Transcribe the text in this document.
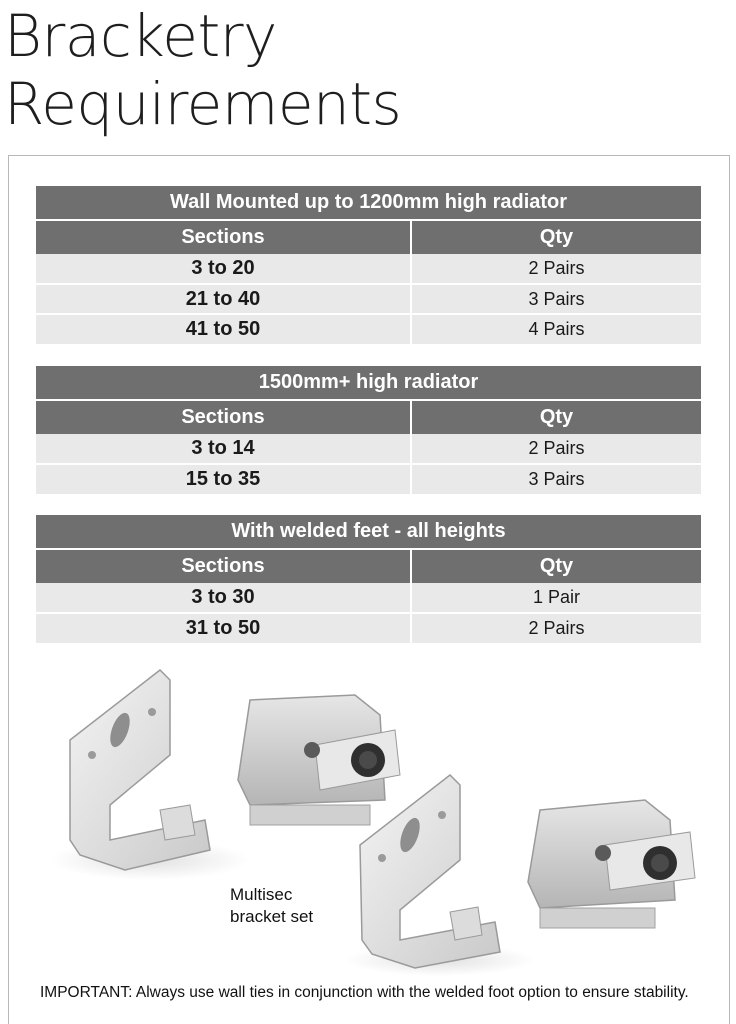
Bracketry
Requirements
Wall Mounted up to 1200mm high radiator	
Sections	Qty
3 to 20	2 Pairs
21 to 40	3 Pairs
41 to 50	4 Pairs
1500mm+ high radiator	
Sections	Qty
3 to 14	2 Pairs
15 to 35	3 Pairs
With welded feet - all heights	
Sections	Qty
3 to 30	1 Pair
31 to 50	2 Pairs
Multisec
bracket set

IMPORTANT: Always use wall ties in conjunction with the welded foot option to ensure stability.
